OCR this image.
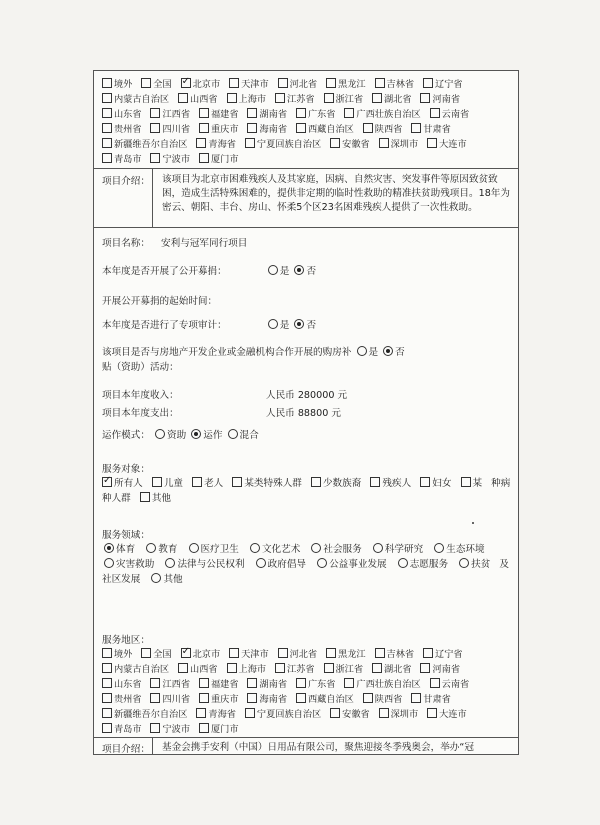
境外 全国 ✓ 北京市 天津市 河北省 黑龙江 吉林省 辽宁省 内蒙古自治区 山西省 上海市 江苏省 浙江省 湖北省 河南省 山东省 江西省 福建省 湖南省 广东省 广西壮族自治区 云南省 贵州省 四川省 重庆市 海南省 西藏自治区 陕西省 甘肃省 新疆维吾尔自治区 青海省 宁夏回族自治区 安徽省 深圳市 大连市 青岛市 宁波市 厦门市
项目介绍： 该项目为北京市困难残疾人及其家庭，因病、自然灾害、突发事件等原因致贫致困，造成生活特殊困难的，提供非定期的临时性救助的精准扶贫助残项目。18年为密云、朝阳、丰台、房山、怀柔5个区23名困难残疾人提供了一次性救助。
项目名称： 安利与冠军同行项目
本年度是否开展了公开募捐：	是 否
开展公开募捐的起始时间：
本年度是否进行了专项审计：	是 否
该项目是否与房地产开发企业或金融机构合作开展的购房补 是 否
贴（资助）活动：
项目本年度收入：	人民币 280000 元
项目本年度支出：	人民币 88800 元
运作模式： 资助 运作 混合
服务对象：
✓所有人 儿童 老人 某类特殊人群 少数族裔 残疾人 妇女 某 种病种人群 其他
服务领域：
体育 教育 医疗卫生 文化艺术 社会服务 科学研究 生态环境 灾害救助 法律与公民权利 政府倡导 公益事业发展 志愿服务 扶贫 及社区发展 其他
服务地区：
境外 全国 ✓ 北京市 天津市 河北省 黑龙江 吉林省 辽宁省 内蒙古自治区 山西省 上海市 江苏省 浙江省 湖北省 河南省 山东省 江西省 福建省 湖南省 广东省 广西壮族自治区 云南省 贵州省 四川省 重庆市 海南省 西藏自治区 陕西省 甘肃省 新疆维吾尔自治区 青海省 宁夏回族自治区 安徽省 深圳市 大连市 青岛市 宁波市 厦门市
项目介绍： 基金会携手安利（中国）日用品有限公司，聚焦迎接冬季残奥会，举办“冠
